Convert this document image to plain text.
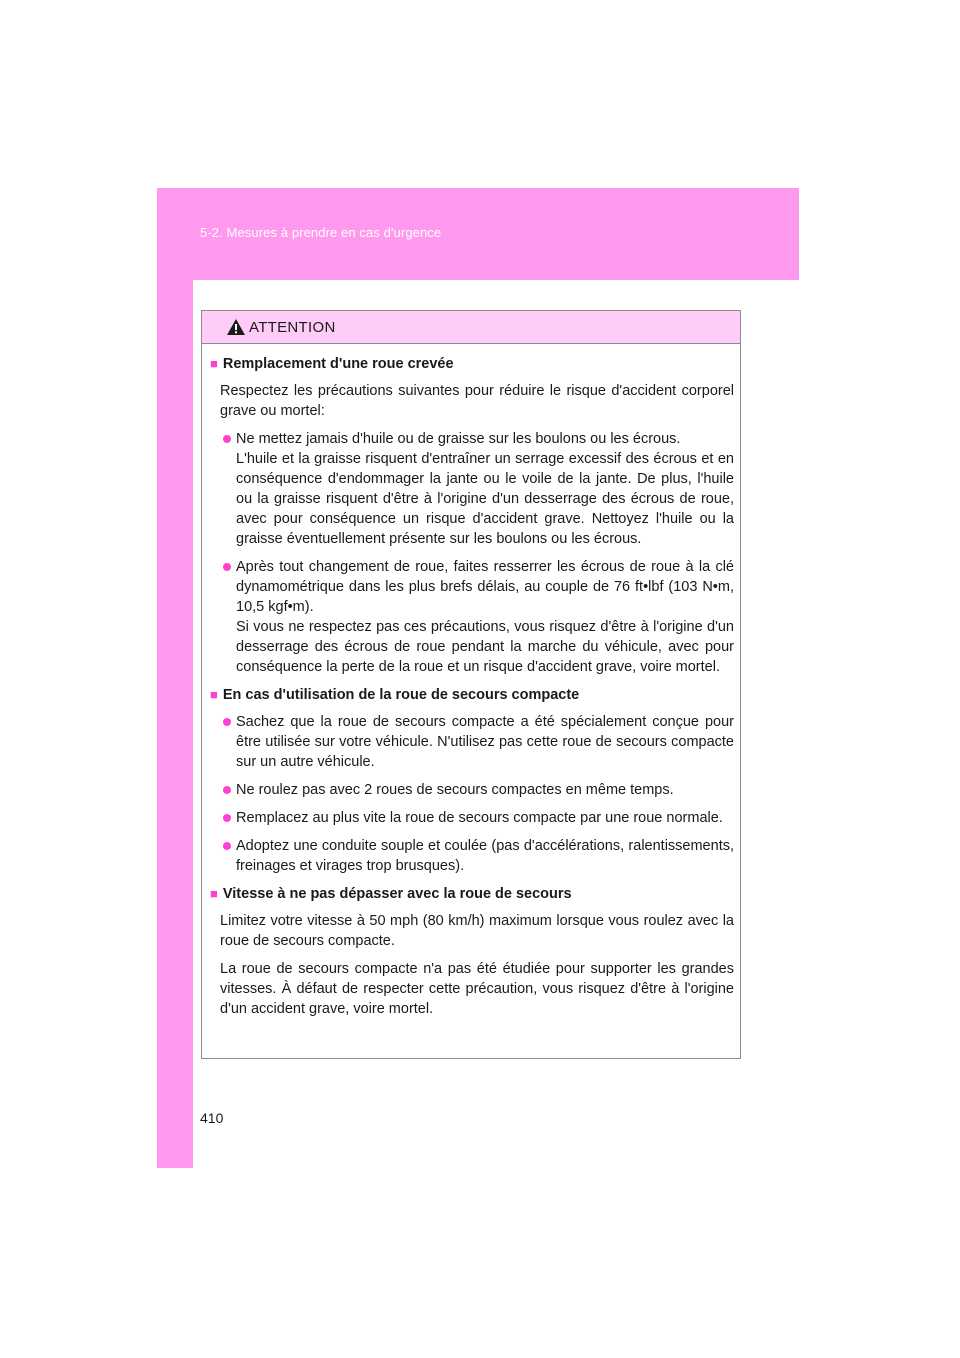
5-2. Mesures à prendre en cas d'urgence
ATTENTION
■ Remplacement d'une roue crevée

Respectez les précautions suivantes pour réduire le risque d'accident corporel grave ou mortel:

Ne mettez jamais d'huile ou de graisse sur les boulons ou les écrous.

L'huile et la graisse risquent d'entraîner un serrage excessif des écrous et en conséquence d'endommager la jante ou le voile de la jante. De plus, l'huile ou la graisse risquent d'être à l'origine d'un desserrage des écrous de roue, avec pour conséquence un risque d'accident grave. Nettoyez l'huile ou la graisse éventuellement présente sur les boulons ou les écrous.

Après tout changement de roue, faites resserrer les écrous de roue à la clé dynamométrique dans les plus brefs délais, au couple de 76 ft•lbf (103 N•m, 10,5 kgf•m).

Si vous ne respectez pas ces précautions, vous risquez d'être à l'origine d'un desserrage des écrous de roue pendant la marche du véhicule, avec pour conséquence la perte de la roue et un risque d'accident grave, voire mortel.

■ En cas d'utilisation de la roue de secours compacte

Sachez que la roue de secours compacte a été spécialement conçue pour être utilisée sur votre véhicule. N'utilisez pas cette roue de secours compacte sur un autre véhicule.

Ne roulez pas avec 2 roues de secours compactes en même temps.

Remplacez au plus vite la roue de secours compacte par une roue normale.

Adoptez une conduite souple et coulée (pas d'accélérations, ralentissements, freinages et virages trop brusques).

■ Vitesse à ne pas dépasser avec la roue de secours

Limitez votre vitesse à 50 mph (80 km/h) maximum lorsque vous roulez avec la roue de secours compacte.

La roue de secours compacte n'a pas été étudiée pour supporter les grandes vitesses. À défaut de respecter cette précaution, vous risquez d'être à l'origine d'un accident grave, voire mortel.

410
